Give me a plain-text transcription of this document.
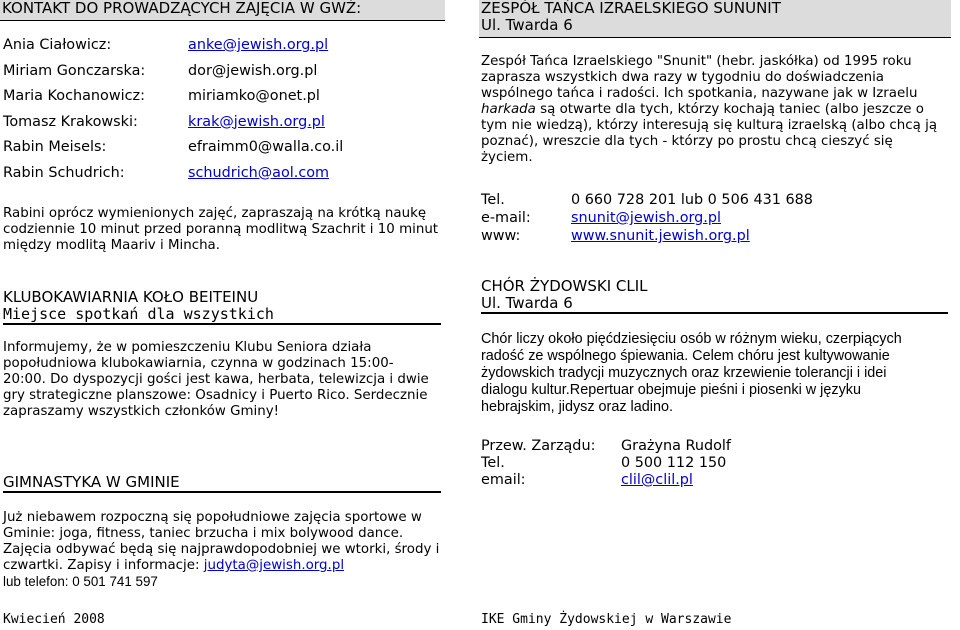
KONTAKT DO PROWADZĄCYCH ZAJĘCIA W GWŻ:
Ania Ciałowicz:	anke@jewish.org.pl
Miriam Gonczarska:	dor@jewish.org.pl
Maria Kochanowicz:	miriamko@onet.pl
Tomasz Krakowski:	krak@jewish.org.pl
Rabin Meisels:	efraimm0@walla.co.il
Rabin Schudrich:	schudrich@aol.com

Rabini oprócz wymienionych zajęć, zapraszają na krótką naukę codziennie 10 minut przed poranną modlitwą Szachrit i 10 minut między modlitą Maariv i Mincha.

KLUBOKAWIARNIA KOŁO BEITEINU
Miejsce spotkań dla wszystkich

Informujemy, że w pomieszczeniu Klubu Seniora działa popołudniowa klubokawiarnia, czynna w godzinach 15:00-20:00. Do dyspozycji gości jest kawa, herbata, telewizcja i dwie gry strategiczne planszowe: Osadnicy i Puerto Rico. Serdecznie zapraszamy wszystkich członków Gminy!

GIMNASTYKA W GMINIE
Już niebawem rozpoczną się popołudniowe zajęcia sportowe w Gminie: joga, fitness, taniec brzucha i mix bolywood dance. Zajęcia odbywać będą się najprawdopodobniej we wtorki, środy i czwartki. Zapisy i informacje: judyta@jewish.org.pl
lub telefon: 0 501 741 597
Kwiecień 2008
ZESPÓŁ TAŃCA IZRAELSKIEGO SUNUNIT
Ul. Twarda 6

Zespół Tańca Izraelskiego "Snunit" (hebr. jaskółka) od 1995 roku zaprasza wszystkich dwa razy w tygodniu do doświadczenia wspólnego tańca i radości. Ich spotkania, nazywane jak w Izraelu harkada są otwarte dla tych, którzy kochają taniec (albo jeszcze o tym nie wiedzą), którzy interesują się kulturą izraelską (albo chcą ją poznać), wreszcie dla tych - którzy po prostu chcą cieszyć się życiem.

Tel.	0 660 728 201 lub 0 506 431 688
e-mail:	snunit@jewish.org.pl
www:	www.snunit.jewish.org.pl
CHÓR ŻYDOWSKI CLIL
Ul. Twarda 6

Chór liczy około pięćdziesięciu osób w różnym wieku, czerpiących radość ze wspólnego śpiewania. Celem chóru jest kultywowanie żydowskich tradycji muzycznych oraz krzewienie tolerancji i idei dialogu kultur.Repertuar obejmuje pieśni i piosenki w języku hebrajskim, jidysz oraz ladino.

Przew. Zarządu:	Grażyna Rudolf
Tel.	0 500 112 150
email:	clil@clil.pl
IKE Gminy Żydowskiej w Warszawie
